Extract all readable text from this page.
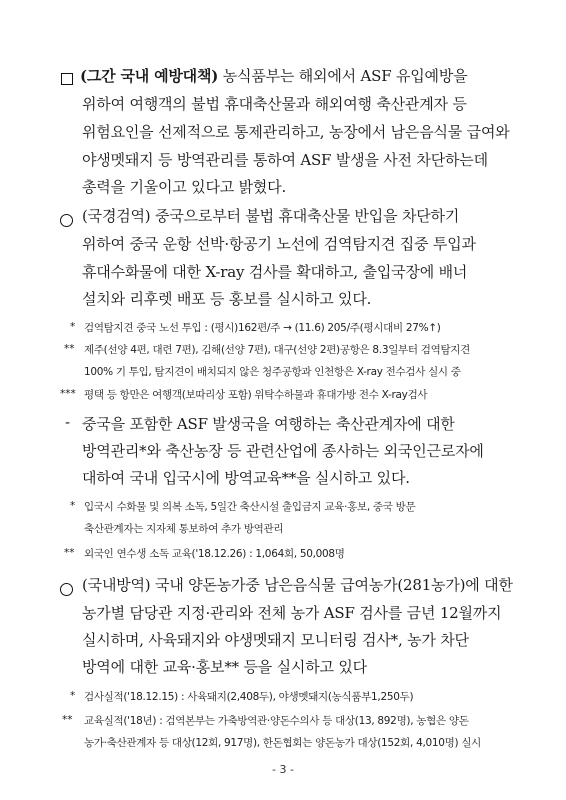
(그간 국내 예방대책) 농식품부는 해외에서 ASF 유입예방을
위하여 여행객의 불법 휴대축산물과 해외여행 축산관계자 등
위험요인을 선제적으로 통제관리하고, 농장에서 남은음식물 급여와
야생멧돼지 등 방역관리를 통하여 ASF 발생을 사전 차단하는데
총력을 기울이고 있다고 밝혔다.
(국경검역) 중국으로부터 불법 휴대축산물 반입을 차단하기
위하여 중국 운항 선박·항공기 노선에 검역탐지견 집중 투입과
휴대수화물에 대한 X-ray 검사를 확대하고, 출입국장에 배너
설치와 리후렛 배포 등 홍보를 실시하고 있다.
* 검역탐지견 중국 노선 투입 : (평시)162편/주 → (11.6) 205/주(평시대비 27%↑)
** 제주(선양 4편, 대련 7편), 김해(선양 7편), 대구(선양 2편)공항은 8.3일부터 검역탐지견
100% 기 투입, 탐지견이 배치되지 않은 청주공항과 인천항은 X-ray 전수검사 실시 중
*** 평택 등 항만은 여행객(보따리상 포함) 위탁수하물과 휴대가방 전수 X-ray검사
- 중국을 포함한 ASF 발생국을 여행하는 축산관계자에 대한
방역관리*와 축산농장 등 관련산업에 종사하는 외국인근로자에
대하여 국내 입국시에 방역교육**을 실시하고 있다.
* 입국시 수화물 및 의복 소독, 5일간 축산시설 출입금지 교육·홍보, 중국 방문
축산관계자는 지자체 통보하여 추가 방역관리
** 외국인 연수생 소독 교육('18.12.26) : 1,064회, 50,008명
(국내방역) 국내 양돈농가중 남은음식물 급여농가(281농가)에 대한
농가별 담당관 지정·관리와 전체 농가 ASF 검사를 금년 12월까지
실시하며, 사육돼지와 야생멧돼지 모니터링 검사*, 농가 차단
방역에 대한 교육·홍보** 등을 실시하고 있다
* 검사실적('18.12.15) : 사육돼지(2,408두), 야생멧돼지(농식품부1,250두)
** 교육실적('18년) : 검역본부는 가축방역관·양돈수의사 등 대상(13, 892명), 농협은 양돈
농가·축산관계자 등 대상(12회, 917명), 한돈협회는 양돈농가 대상(152회, 4,010명) 실시
- 3 -
